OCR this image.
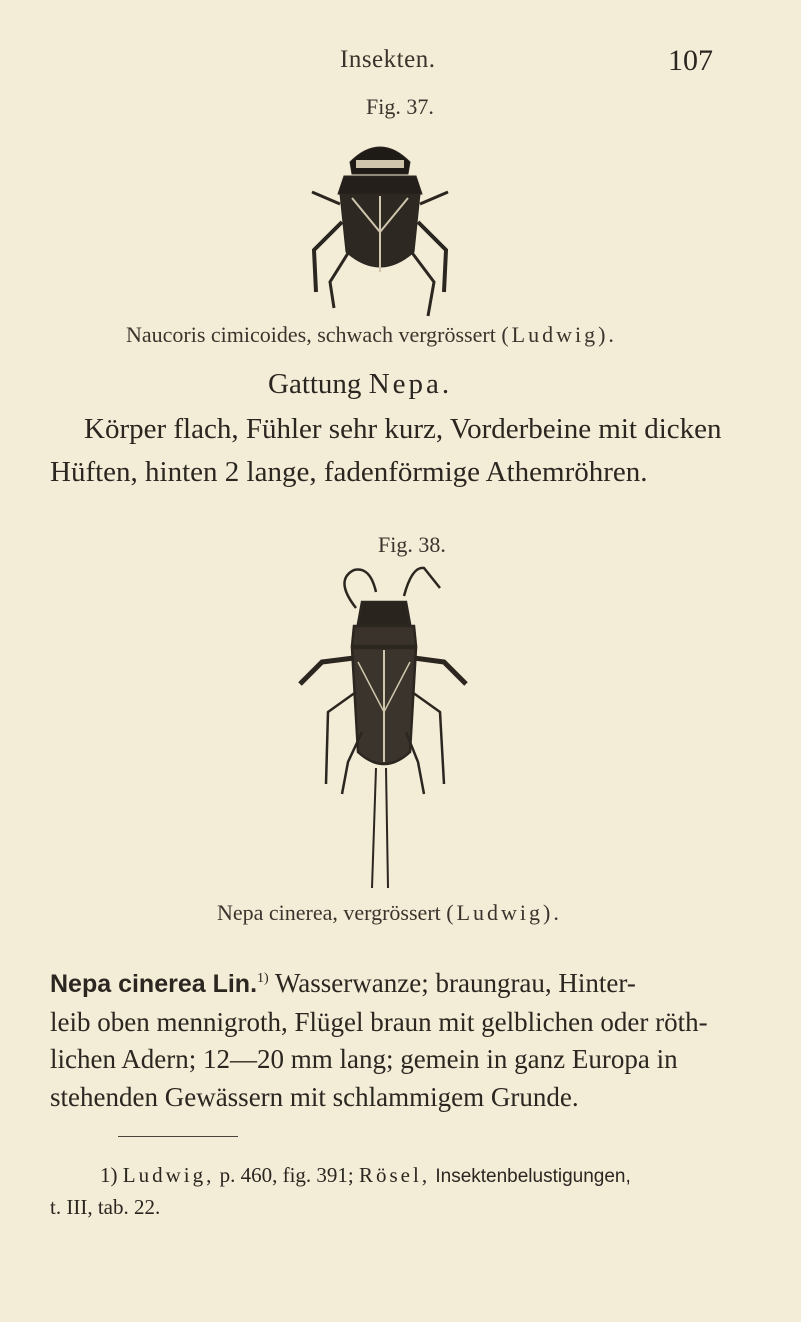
Insekten.	107
Fig. 37.
Naucoris cimicoides, schwach vergrössert (Ludwig).
Gattung Nepa.
Körper flach, Fühler sehr kurz, Vorderbeine mit dicken
Hüften, hinten 2 lange, fadenförmige Athemröhren.
Fig. 38.
Nepa cinerea, vergrössert (Ludwig).
Nepa cinerea Lin.$^{1)}$ Wasserwanze; braungrau, Hinter-
leib oben mennigroth, Flügel braun mit gelblichen oder röth-
lichen Adern; 12—20 mm lang; gemein in ganz Europa in
stehenden Gewässern mit schlammigem Grunde.
1) Ludwig, p. 460, fig. 391; Rösel, Insektenbelustigungen,
t. III, tab. 22.
